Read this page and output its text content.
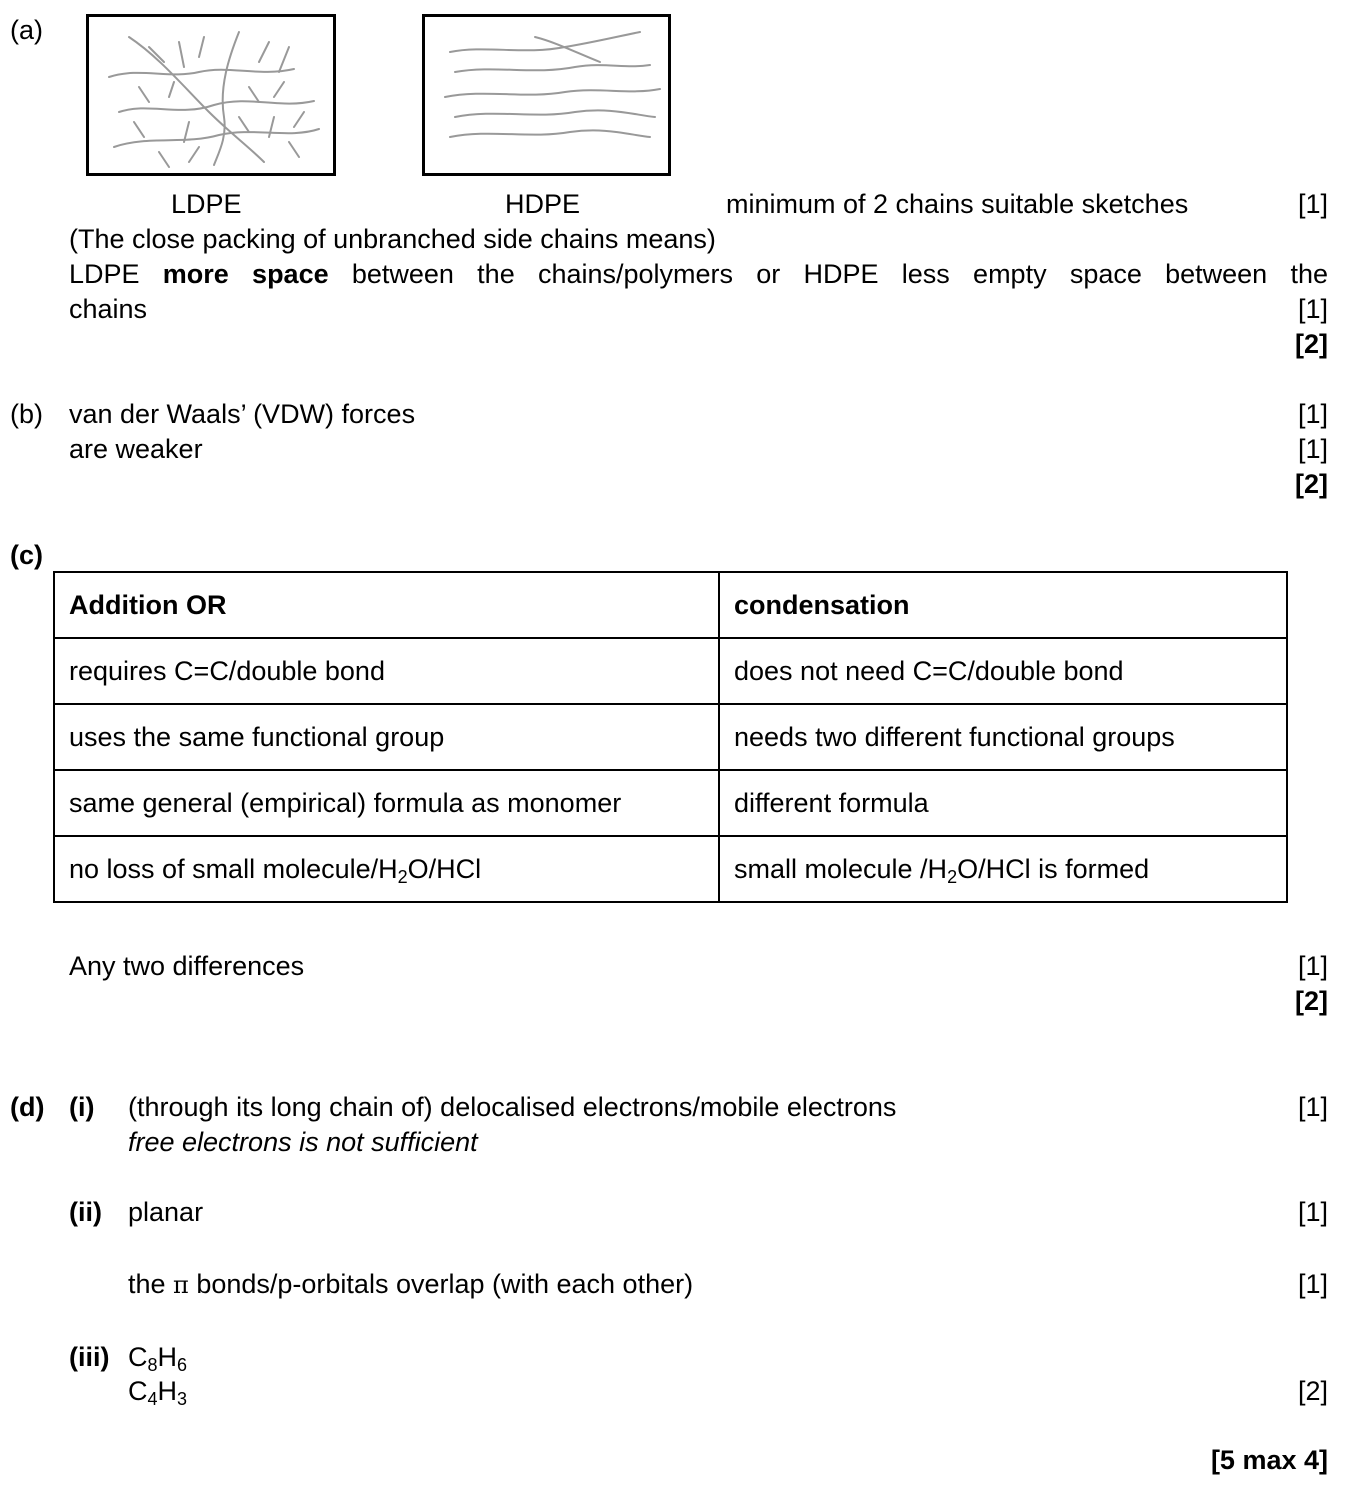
(a)
LDPE	HDPE	minimum of 2 chains suitable sketches	[1]
(The close packing of unbranched side chains means)
LDPE more space between the chains/polymers or HDPE less empty space between the
chains	[1]
[2]
(b) van der Waals’ (VDW) forces	[1]
are weaker	[1]
[2]
(c)
Addition OR	condensation
requires C=C/double bond	does not need C=C/double bond
uses the same functional group	needs two different functional groups
same general (empirical) formula as monomer	different formula
no loss of small molecule/$H_2O$/HCl	small molecule $/H_2O$/HCl is formed
Any two differences	[1]
[2]
(d) (i) (through its long chain of) delocalised electrons/mobile electrons	[1]
free electrons is not sufficient
(ii) planar	[1]
the π bonds/p-orbitals overlap (with each other)	[1]
(iii) $C_8H_6$
$C_4H_3$	[2]
[5 max 4]
